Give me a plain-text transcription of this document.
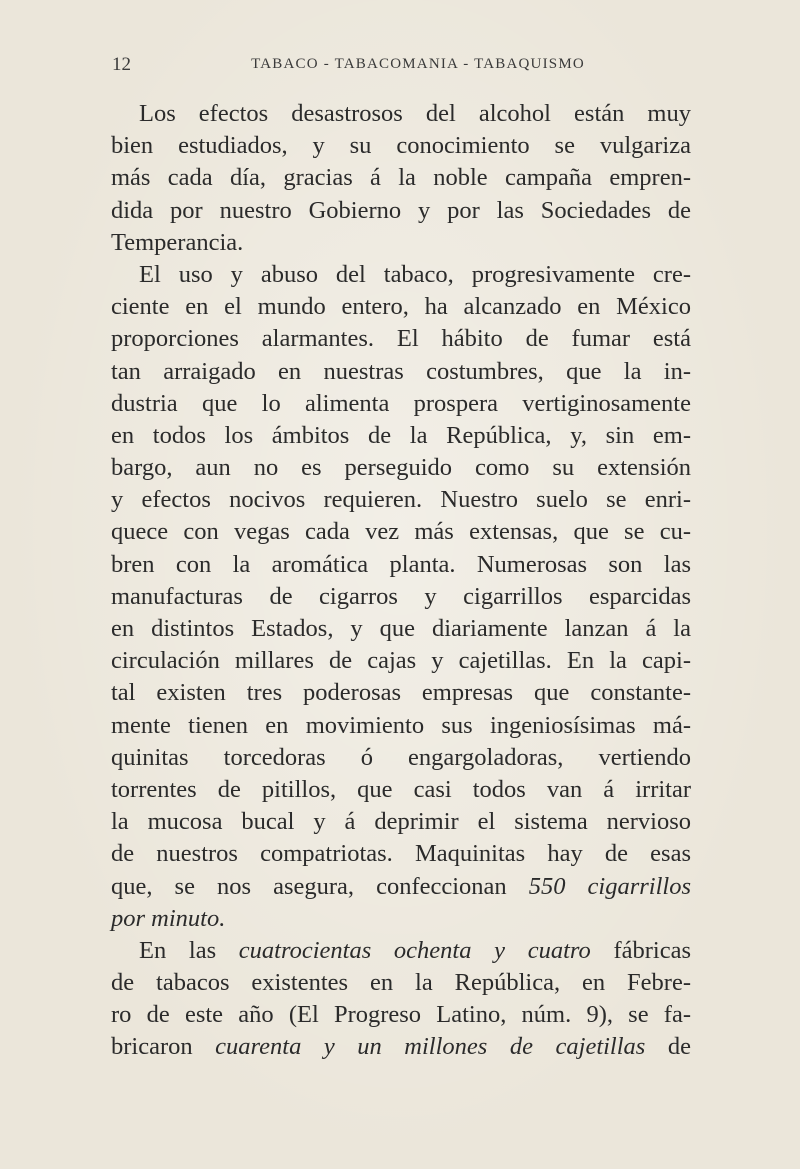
12	TABACO - TABACOMANIA - TABAQUISMO
Los efectos desastrosos del alcohol están muy
bien estudiados, y su conocimiento se vulgariza
más cada día, gracias á la noble campaña empren-
dida por nuestro Gobierno y por las Sociedades de
Temperancia.
El uso y abuso del tabaco, progresivamente cre-
ciente en el mundo entero, ha alcanzado en México
proporciones alarmantes. El hábito de fumar está
tan arraigado en nuestras costumbres, que la in-
dustria que lo alimenta prospera vertiginosamente
en todos los ámbitos de la República, y, sin em-
bargo, aun no es perseguido como su extensión
y efectos nocivos requieren. Nuestro suelo se enri-
quece con vegas cada vez más extensas, que se cu-
bren con la aromática planta. Numerosas son las
manufacturas de cigarros y cigarrillos esparcidas
en distintos Estados, y que diariamente lanzan á la
circulación millares de cajas y cajetillas. En la capi-
tal existen tres poderosas empresas que constante-
mente tienen en movimiento sus ingeniosísimas má-
quinitas torcedoras ó engargoladoras, vertiendo
torrentes de pitillos, que casi todos van á irritar
la mucosa bucal y á deprimir el sistema nervioso
de nuestros compatriotas. Maquinitas hay de esas
que, se nos asegura, confeccionan 550 cigarrillos
por minuto.
En las cuatrocientas ochenta y cuatro fábricas
de tabacos existentes en la República, en Febre-
ro de este año (El Progreso Latino, núm. 9), se fa-
bricaron cuarenta y un millones de cajetillas de
